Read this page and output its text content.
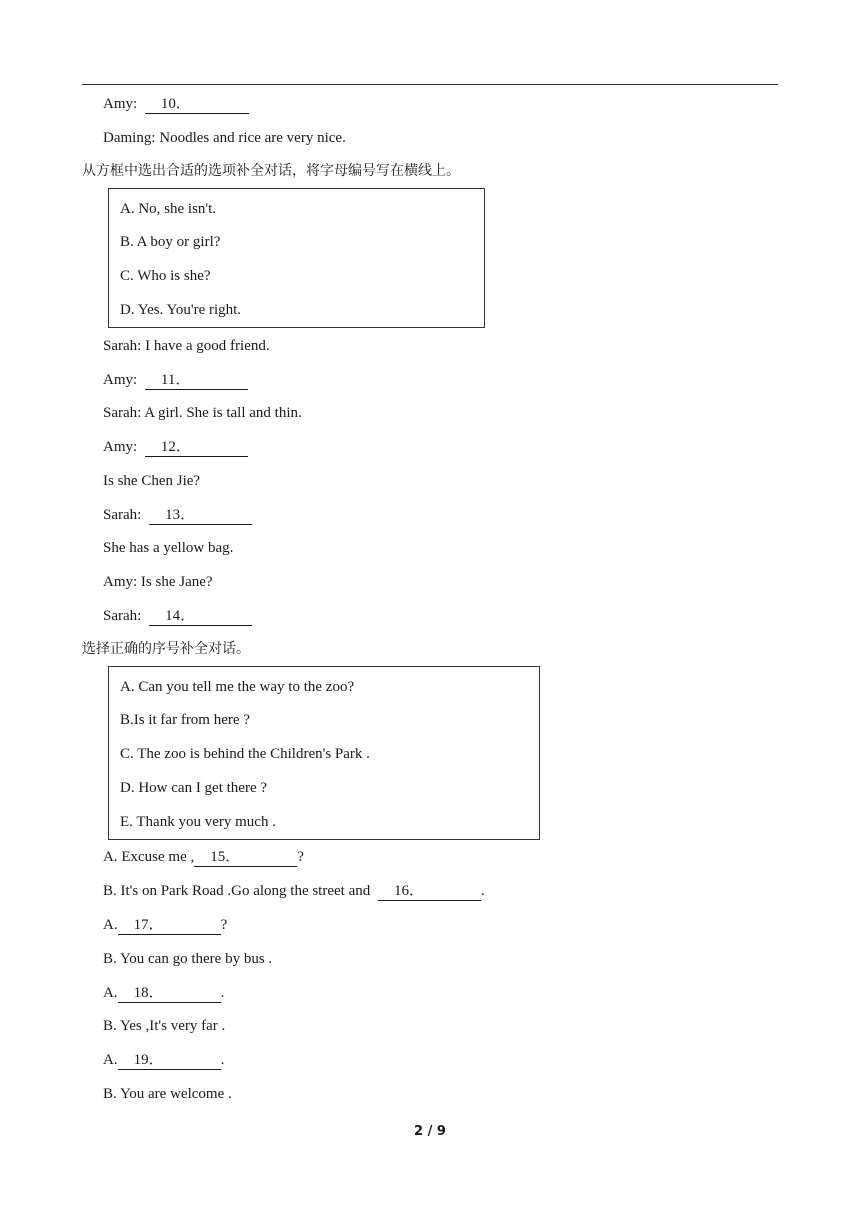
Amy: 10．
Daming: Noodles and rice are very nice.
从方框中选出合适的选项补全对话，将字母编号写在横线上。
A. No, she isn't.
B. A boy or girl?
C. Who is she?
D. Yes. You're right.
Sarah: I have a good friend.
Amy: 11．
Sarah: A girl. She is tall and thin.
Amy: 12．
Is she Chen Jie?
Sarah: 13．
She has a yellow bag.
Amy: Is she Jane?
Sarah: 14．
选择正确的序号补全对话。
A. Can you tell me the way to the zoo?
B.Is it far from here ?
C. The zoo is behind the Children's Park .
D. How can I get there ?
E. Thank you very much .
A. Excuse me , 15．	?
B. It's on Park Road .Go along the street and 16．	.
A. 17．	?
B. You can go there by bus .
A. 18．	.
B. Yes ,It's very far .
A. 19．	.
B. You are welcome .
2 / 9
